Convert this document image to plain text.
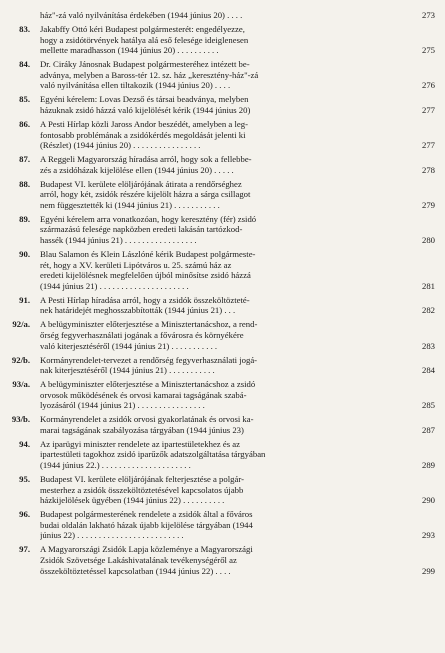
ház"-zá való nyilvánítása érdekében (1944 június 20) . . . .	273
83.	Jakabffy Ottó kéri Budapest polgármesterét: engedélyezze,
hogy a zsidótörvények hatálya alá eső felesége ideiglenesen
mellette maradhasson (1944 június 20) . . . . . . . . . .	275
84.	Dr. Ciráky Jánosnak Budapest polgármesteréhez intézett be-
adványa, melyben a Baross-tér 12. sz. ház „keresztény-ház"-zá
való nyilvánítása ellen tiltakozik (1944 június 20) . . . .	276
85.	Egyéni kérelem: Lovas Dezső és társai beadványa, melyben
házuknak zsidó házzá való kijelölését kérik (1944 június 20)	277
86.	A Pesti Hírlap közli Jaross Andor beszédét, amelyben a leg-
fontosabb problémának a zsidókérdés megoldását jelenti ki
(Részlet) (1944 június 20) . . . . . . . . . . . . . . . .	277
87.	A Reggeli Magyarország híradása arról, hogy sok a fellebbe-
zés a zsidóházak kijelölése ellen (1944 június 20) . . . . .	278
88.	Budapest VI. kerülete elöljárójának átirata a rendőrséghez
arról, hogy két, zsidók részére kijelölt házra a sárga csillagot
nem függesztették ki (1944 június 21) . . . . . . . . . . .	279
89.	Egyéni kérelem arra vonatkozóan, hogy keresztény (fér) zsidó
származású felesége napközben eredeti lakásán tartózkod-
hassék (1944 június 21) . . . . . . . . . . . . . . . . .	280
90.	Blau Salamon és Klein Lászlóné kérik Budapest polgármeste-
rét, hogy a XV. kerületi Lipótváros u. 25. számú ház az
eredeti kijelölésnek megfelelően újból minősítse zsidó házzá
(1944 június 21) . . . . . . . . . . . . . . . . . . . . .	281
91.	A Pesti Hírlap híradása arról, hogy a zsidók összeköltözteté-
nek határidejét meghosszabbították (1944 június 21) . . .	282
92/a.	A belügyminiszter előterjesztése a Minisztertanácshoz, a rend-
őrség fegyverhasználati jogának a fővárosra és környékére
való kiterjesztéséről (1944 június 21) . . . . . . . . . . .	283
92/b.	Kormányrendelet-tervezet a rendőrség fegyverhasználati jogá-
nak kiterjesztéséről (1944 június 21) . . . . . . . . . . .	284
93/a.	A belügyminiszter előterjesztése a Minisztertanácshoz a zsidó
orvosok működésének és orvosi kamarai tagságának szabá-
lyozásáról (1944 június 21) . . . . . . . . . . . . . . . .	285
93/b.	Kormányrendelet a zsidók orvosi gyakorlatának és orvosi ka-
marai tagságának szabályozása tárgyában (1944 június 23)	287
94.	Az iparügyi miniszter rendelete az ipartestületekhez és az
ipartestületi tagokhoz zsidó iparűzők adatszolgáltatása tárgyában
(1944 június 22.) . . . . . . . . . . . . . . . . . . . . .	289
95.	Budapest VI. kerülete elöljárójának felterjesztése a polgár-
mesterhez a zsidók összeköltöztetésével kapcsolatos újabb
házkijelölések ügyében (1944 június 22) . . . . . . . . . .	290
96.	Budapest polgármesterének rendelete a zsidók által a főváros
budai oldalán lakható házak újabb kijelölése tárgyában (1944
június 22) . . . . . . . . . . . . . . . . . . . . . . . . .	293
97.	A Magyarországi Zsidók Lapja közleménye a Magyarországi
Zsidók Szövetsége Lakáshivatalának tevékenységéről az
összeköltöztetéssel kapcsolatban (1944 június 22) . . . .	299
